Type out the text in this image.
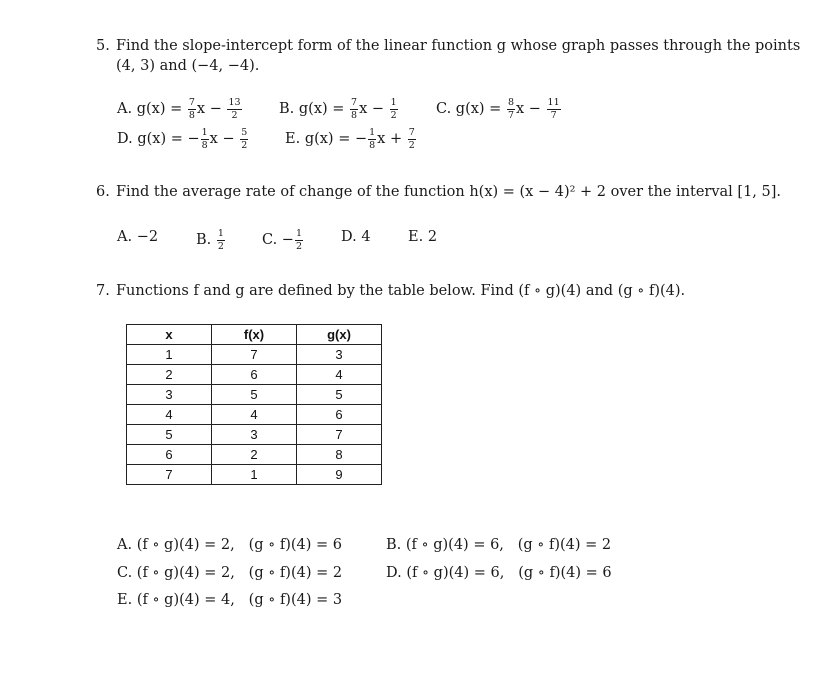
5. Find the slope-intercept form of the linear function g whose graph passes through the points
(4, 3) and (−4, −4).
A. $g(x) = \frac{7}{8}$ $x - \frac{13}{2}$	B. $g(x) = \frac{7}{8}$ $x - \frac{1}{2}$	C. $g(x) = \frac{8}{7}$ $x - \frac{11}{7}$
D. g(x) = − $\frac{1}{8}$ $x - \frac{5}{2}$	E. g(x) = − $\frac{1}{8}$ $x + \frac{7}{2}$
6. Find the average rate of change of the function h(x) = (x − 4)² + 2 over the interval [1, 5].
A. −2	B. $\frac{1}{2}$	C. − $\frac{1}{2}$	D. 4	E. 2
7. Functions f and g are defined by the table below. Find (f ∘ g)(4) and (g ∘ f)(4).
x	f(x)	g(x)
1	7	3
2	6	4
3	5	5
4	4	6
5	3	7
6	2	8
7	1	9
A. (f ∘ g)(4) = 2, (g ∘ f)(4) = 6	B. (f ∘ g)(4) = 6, (g ∘ f)(4) = 2
C. (f ∘ g)(4) = 2, (g ∘ f)(4) = 2	D. (f ∘ g)(4) = 6, (g ∘ f)(4) = 6
E. (f ∘ g)(4) = 4, (g ∘ f)(4) = 3
